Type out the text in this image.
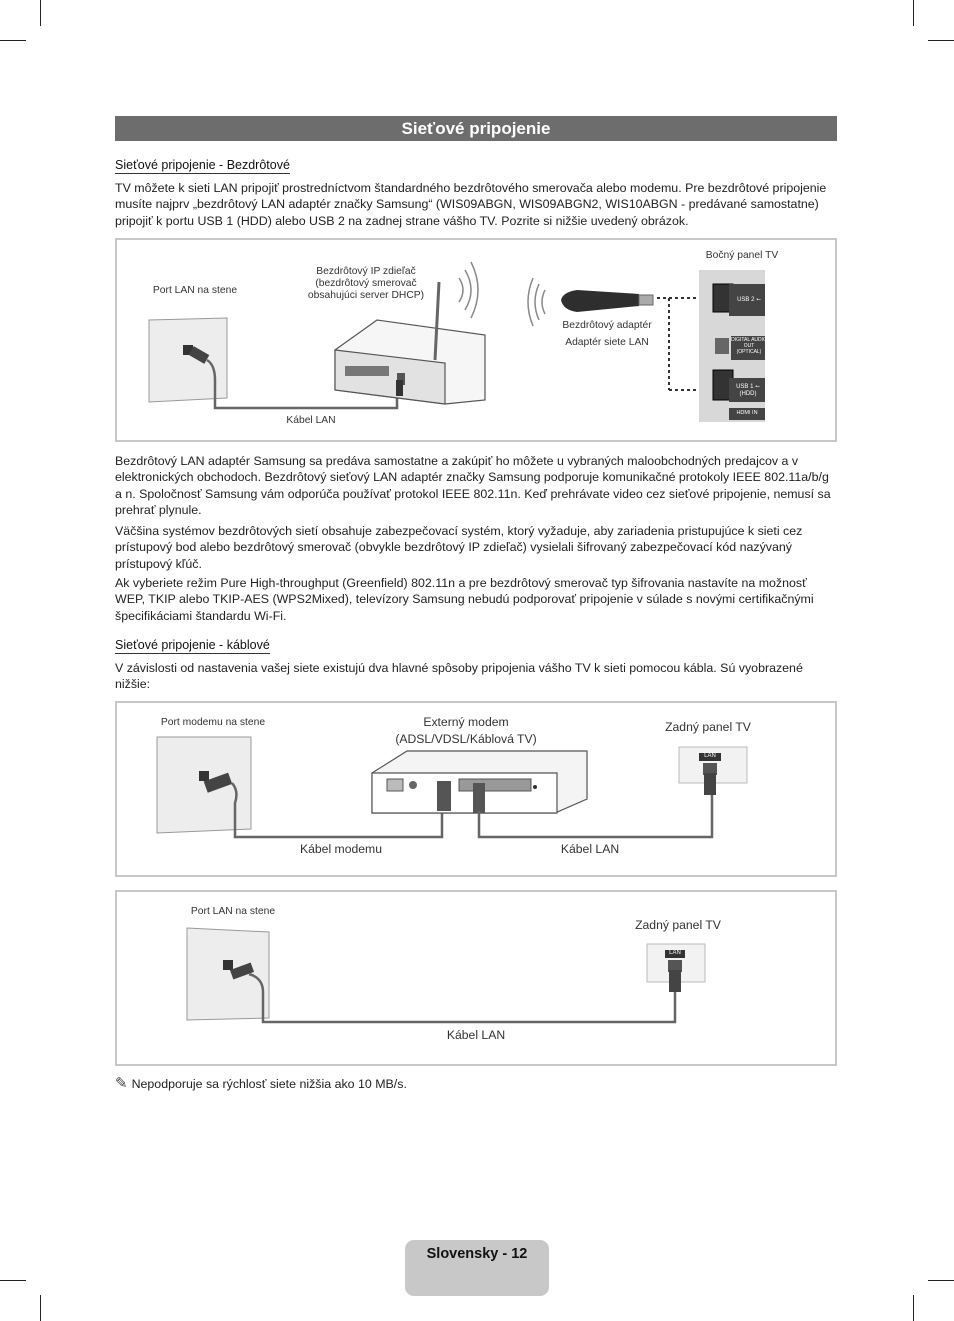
Sieťové pripojenie
Sieťové pripojenie - Bezdrôtové
TV môžete k sieti LAN pripojiť prostredníctvom štandardného bezdrôtového smerovača alebo modemu. Pre bezdrôtové pripojenie musíte najprv „bezdrôtový LAN adaptér značky Samsung“ (WIS09ABGN, WIS09ABGN2, WIS10ABGN - predávané samostatne) pripojiť k portu USB 1 (HDD) alebo USB 2 na zadnej strane vášho TV. Pozrite si nižšie uvedený obrázok.
Port LAN na stene
Bezdrôtový IP zdieľač (bezdrôtový smerovač obsahujúci server DHCP)
Kábel LAN
Bočný panel TV
Bezdrôtový adaptér
Adaptér siete LAN
USB 2 ⭠
DIGITAL AUDIO OUT (OPTICAL)
USB 1 ⭠ (HDD)
HDMI IN
Bezdrôtový LAN adaptér Samsung sa predáva samostatne a zakúpiť ho môžete u vybraných maloobchodných predajcov a v elektronických obchodoch. Bezdrôtový sieťový LAN adaptér značky Samsung podporuje komunikačné protokoly IEEE 802.11a/b/g a n. Spoločnosť Samsung vám odporúča používať protokol IEEE 802.11n. Keď prehrávate video cez sieťové pripojenie, nemusí sa prehrať plynule.
Väčšina systémov bezdrôtových sietí obsahuje zabezpečovací systém, ktorý vyžaduje, aby zariadenia pristupujúce k sieti cez prístupový bod alebo bezdrôtový smerovač (obvykle bezdrôtový IP zdieľač) vysielali šifrovaný zabezpečovací kód nazývaný prístupový kľúč.
Ak vyberiete režim Pure High-throughput (Greenfield) 802.11n a pre bezdrôtový smerovač typ šifrovania nastavíte na možnosť WEP, TKIP alebo TKIP-AES (WPS2Mixed), televízory Samsung nebudú podporovať pripojenie v súlade s novými certifikačnými špecifikáciami štandardu Wi-Fi.
Sieťové pripojenie - káblové
V závislosti od nastavenia vašej siete existujú dva hlavné spôsoby pripojenia vášho TV k sieti pomocou kábla. Sú vyobrazené nižšie:
Port modemu na stene	Externý modem
(ADSL/VDSL/Káblová TV)
Zadný panel TV
Kábel modemu	Kábel LAN
LAN
Port LAN na stene
Zadný panel TV
Kábel LAN
LAN
✎ Nepodporuje sa rýchlosť siete nižšia ako 10 MB/s.
Slovensky - 12
